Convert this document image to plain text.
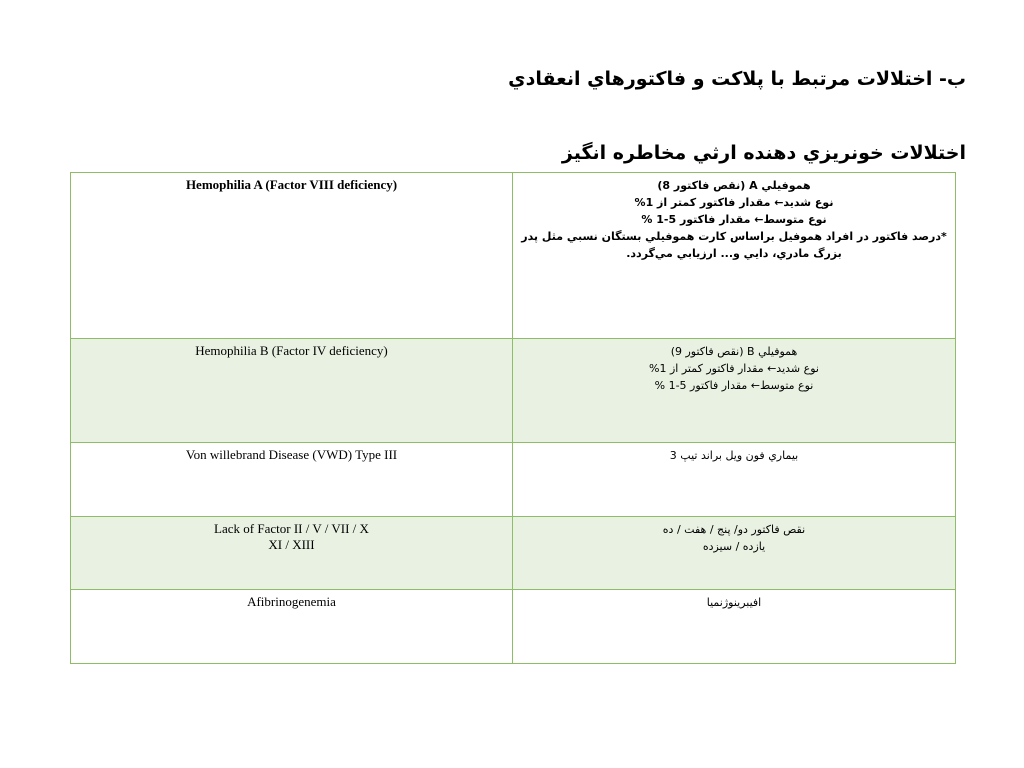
ب- اختلالات مرتبط با پلاكت و فاكتورهاي انعقادي
اختلالات خونريزي دهنده ارثي مخاطره انگيز
Hemophilia A (Factor VIII deficiency)	هموفيلي A (نقص فاكتور 8)
نوع شديد← مقدار فاكتور كمتر از 1%
نوع متوسط← مقدار فاكتور 5-1 %
*درصد فاكتور در افراد هموفيل براساس كارت هموفيلي بستگان نسبي مثل پدر بزرگ مادري، دايي و... ارزيابي مي‌گردد.

Hemophilia B (Factor IV deficiency)	هموفيلي B (نقص فاكتور 9)
نوع شديد← مقدار فاكتور كمتر از 1%
نوع متوسط← مقدار فاكتور 5-1 %

Von willebrand Disease (VWD) Type III	بيماري فون ويل براند تيپ 3

Lack of Factor II / V / VII / X
XI / XIII	نقص فاكتور دو/ پنج / هفت / ده
يازده / سيزده

Afibrinogenemia	افيبرينوژنميا
